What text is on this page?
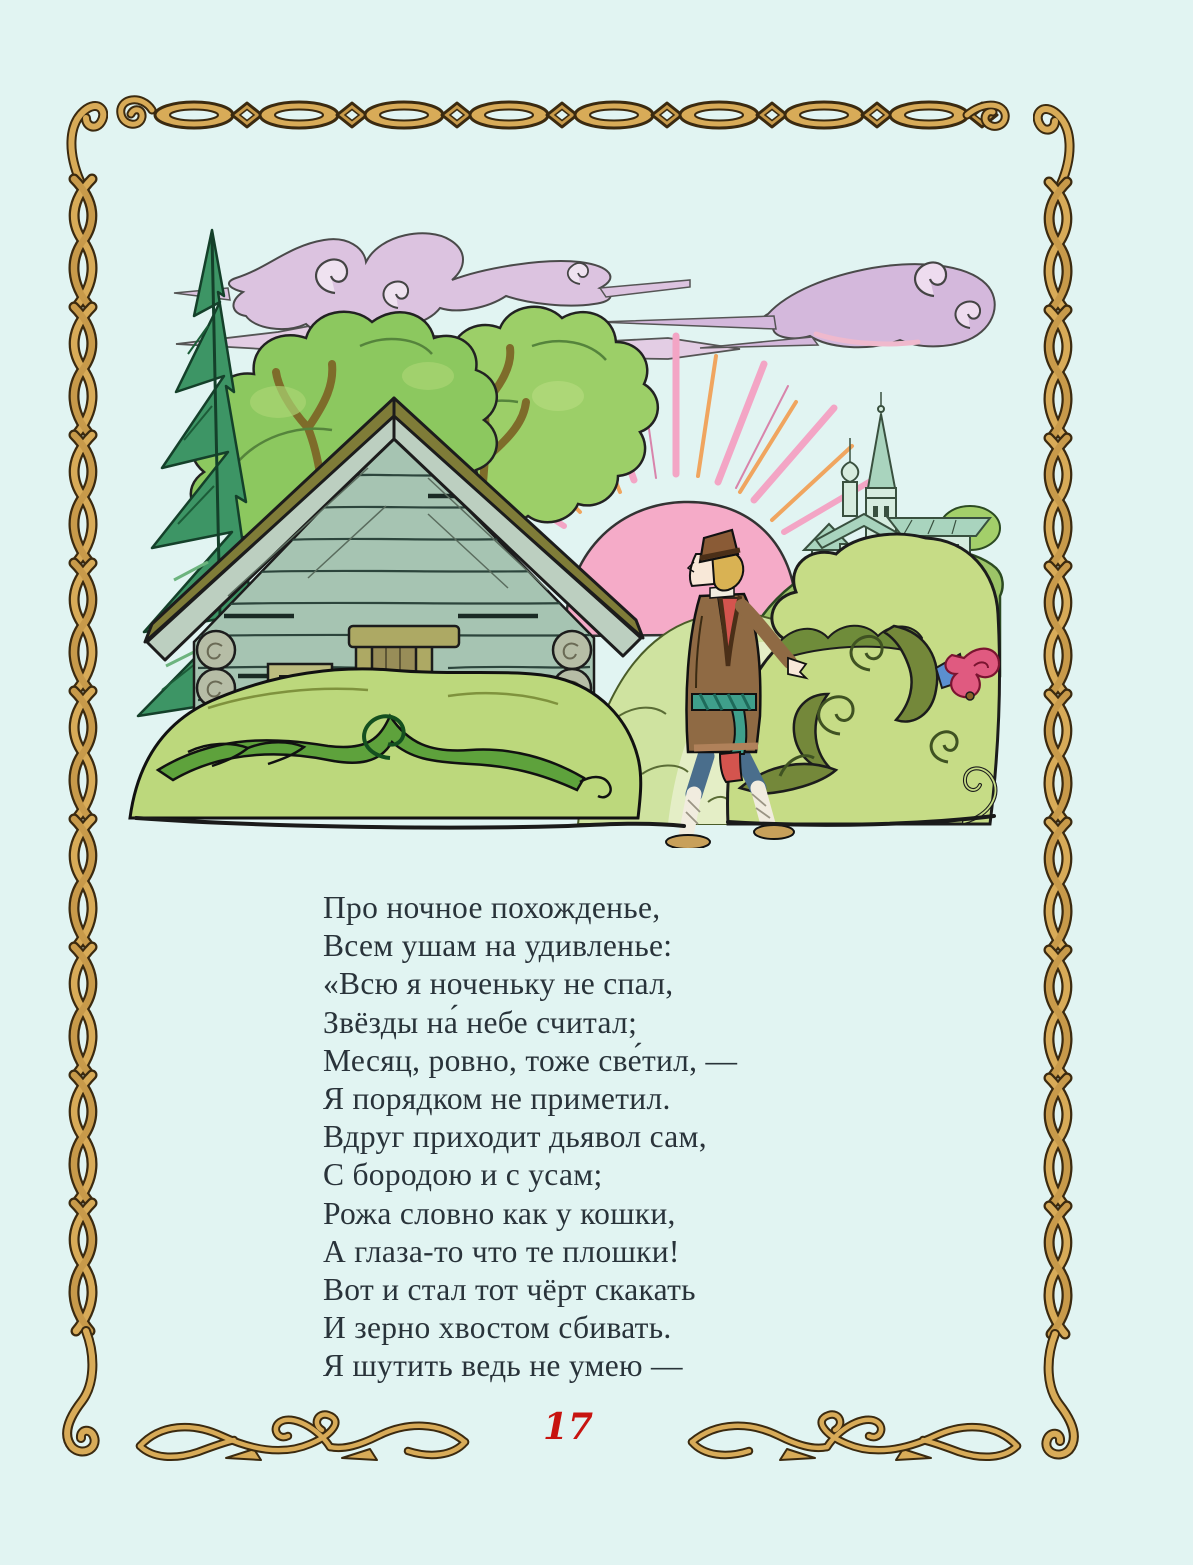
Про ночное похожденье,

Всем ушам на удивленье:

«Всю я ноченьку не спал,

Звёзды на́ небе считал;

Месяц, ровно, тоже све́тил, —

Я порядком не приметил.

Вдруг приходит дьявол сам,

С бородою и с усам;

Рожа словно как у кошки,

А глаза-то что те плошки!

Вот и стал тот чёрт скакать

И зерно хвостом сбивать.

Я шутить ведь не умею —

17
